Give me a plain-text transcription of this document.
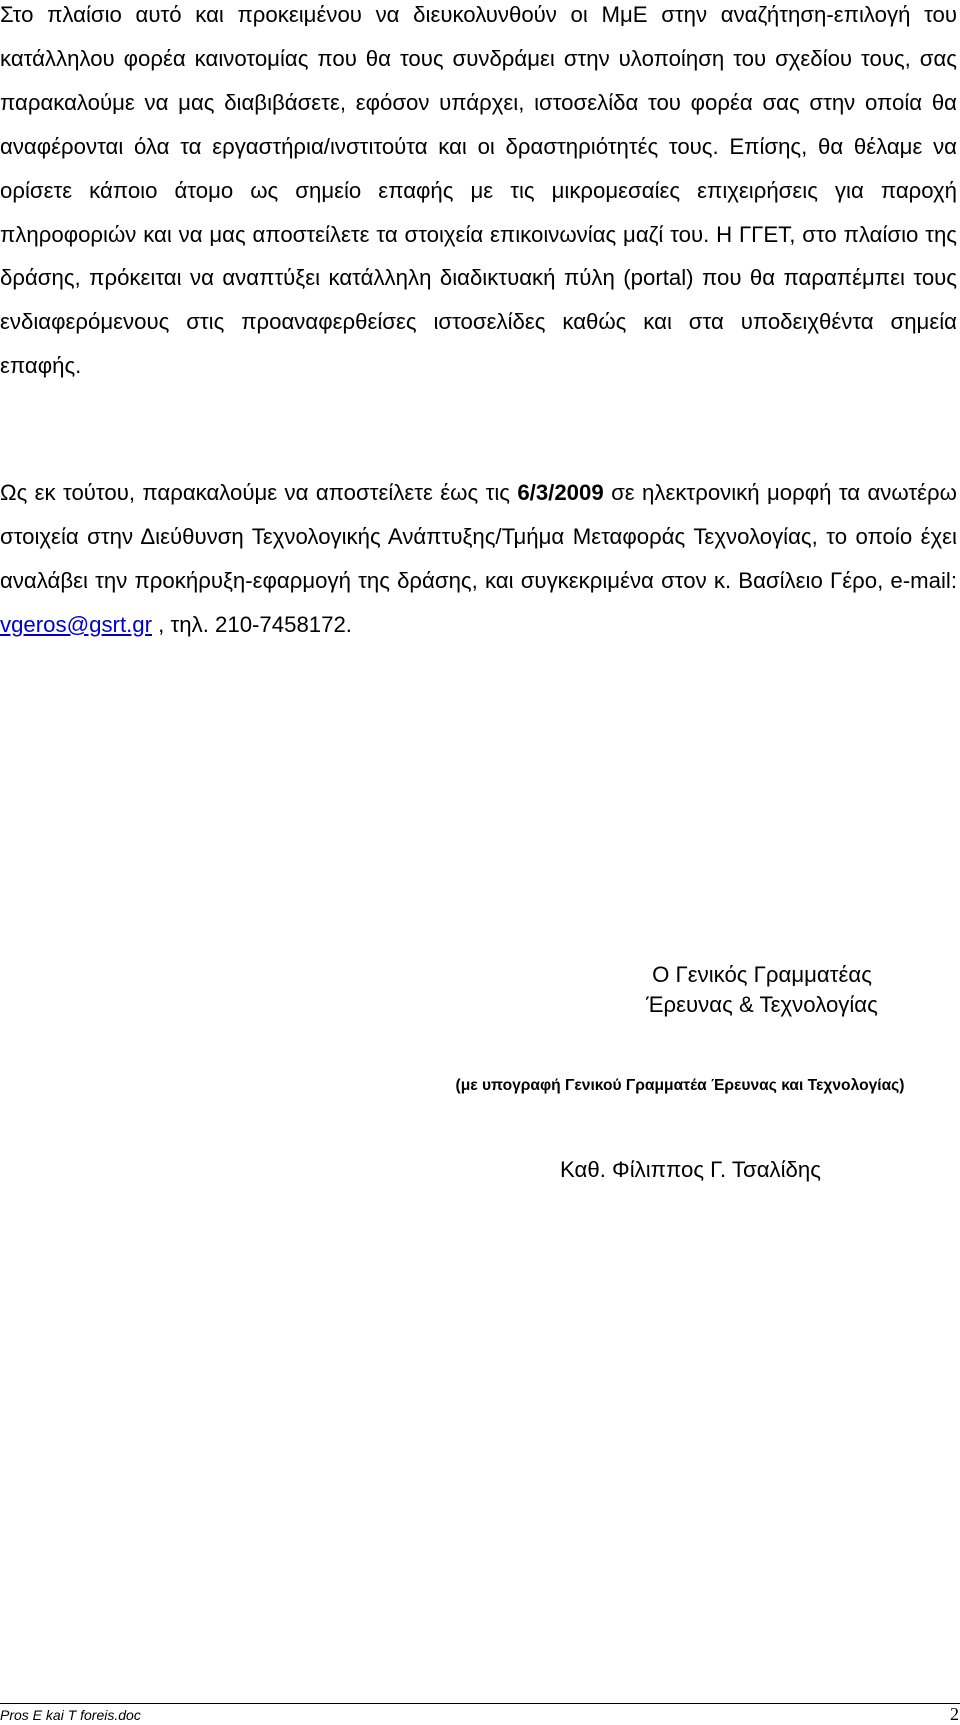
Στο πλαίσιο αυτό και προκειμένου να διευκολυνθούν οι ΜμΕ στην αναζήτηση-επιλογή του κατάλληλου φορέα καινοτομίας που θα τους συνδράμει στην υλοποίηση του σχεδίου τους, σας παρακαλούμε να μας διαβιβάσετε, εφόσον υπάρχει, ιστοσελίδα του φορέα σας στην οποία θα αναφέρονται όλα τα εργαστήρια/ινστιτούτα και οι δραστηριότητές τους. Επίσης, θα θέλαμε να ορίσετε κάποιο άτομο ως σημείο επαφής με τις μικρομεσαίες επιχειρήσεις για παροχή πληροφοριών και να μας αποστείλετε τα στοιχεία επικοινωνίας μαζί του. Η ΓΓΕΤ, στο πλαίσιο της δράσης, πρόκειται να αναπτύξει κατάλληλη διαδικτυακή πύλη (portal) που θα παραπέμπει τους ενδιαφερόμενους στις προαναφερθείσες ιστοσελίδες καθώς και στα υποδειχθέντα σημεία επαφής.

Ως εκ τούτου, παρακαλούμε να αποστείλετε έως τις 6/3/2009 σε ηλεκτρονική μορφή τα ανωτέρω στοιχεία στην Διεύθυνση Τεχνολογικής Ανάπτυξης/Τμήμα Μεταφοράς Τεχνολογίας, το οποίο έχει αναλάβει την προκήρυξη-εφαρμογή της δράσης, και συγκεκριμένα στον κ. Βασίλειο Γέρο, e-mail: vgeros@gsrt.gr , τηλ. 210-7458172.

Ο Γενικός Γραμματέας
Έρευνας & Τεχνολογίας
(με υπογραφή Γενικού Γραμματέα Έρευνας και Τεχνολογίας)
Καθ. Φίλιππος Γ. Τσαλίδης
Pros E kai T foreis.doc	2
